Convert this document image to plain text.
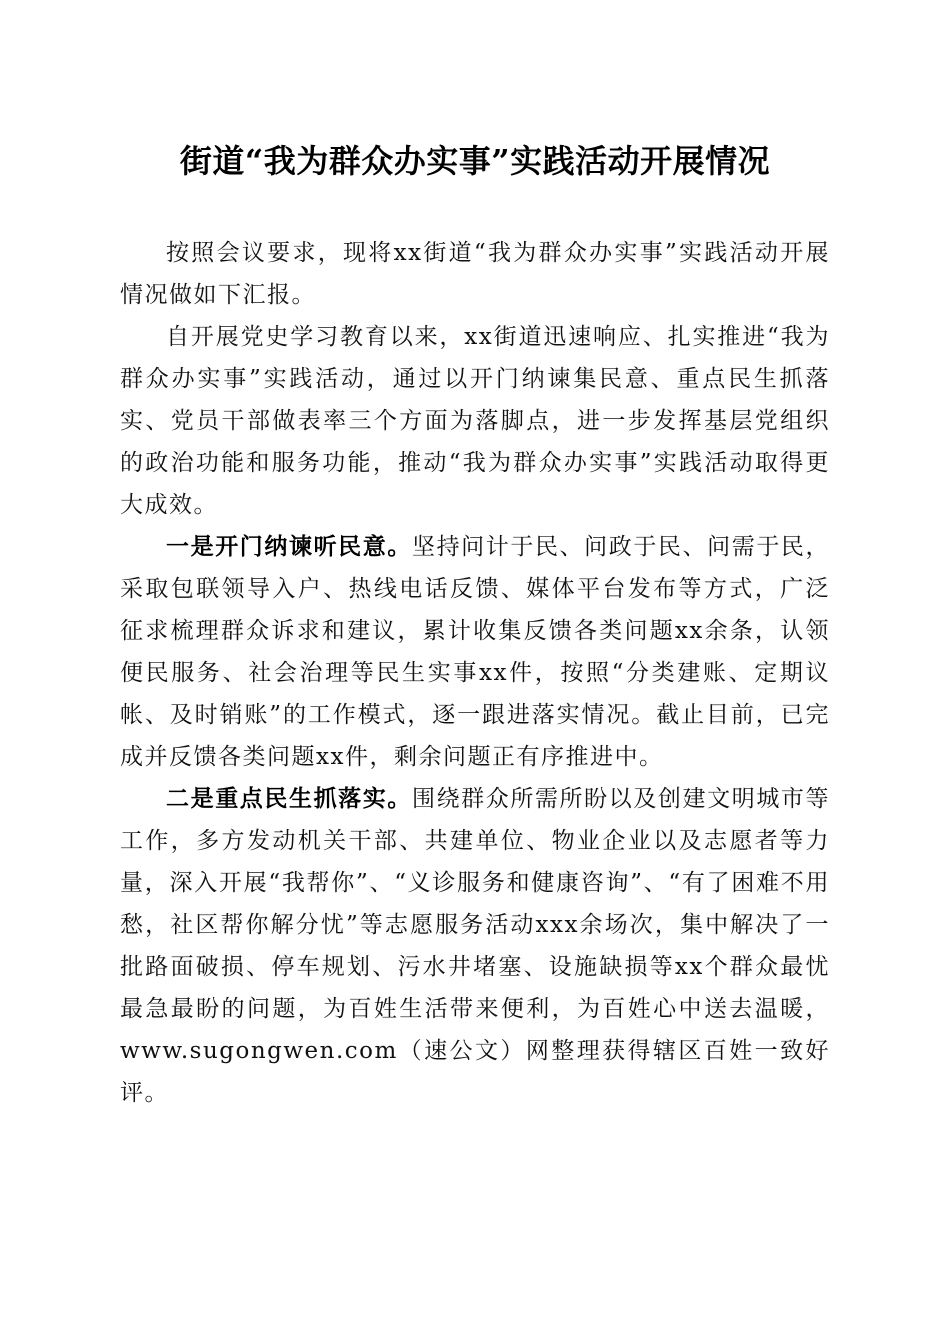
街道“我为群众办实事”实践活动开展情况

按照会议要求，现将xx街道“我为群众办实事”实践活动开展情况做如下汇报。

自开展党史学习教育以来，xx街道迅速响应、扎实推进“我为群众办实事”实践活动，通过以开门纳谏集民意、重点民生抓落实、党员干部做表率三个方面为落脚点，进一步发挥基层党组织的政治功能和服务功能，推动“我为群众办实事”实践活动取得更大成效。

一是开门纳谏听民意。坚持问计于民、问政于民、问需于民，采取包联领导入户、热线电话反馈、媒体平台发布等方式，广泛征求梳理群众诉求和建议，累计收集反馈各类问题xx余条，认领便民服务、社会治理等民生实事xx件，按照“分类建账、定期议帐、及时销账”的工作模式，逐一跟进落实情况。截止目前，已完成并反馈各类问题xx件，剩余问题正有序推进中。

二是重点民生抓落实。围绕群众所需所盼以及创建文明城市等工作，多方发动机关干部、共建单位、物业企业以及志愿者等力量，深入开展“我帮你”、“义诊服务和健康咨询”、“有了困难不用愁，社区帮你解分忧”等志愿服务活动xxx余场次，集中解决了一批路面破损、停车规划、污水井堵塞、设施缺损等xx个群众最忧最急最盼的问题，为百姓生活带来便利，为百姓心中送去温暖，www.sugongwen.com（速公文）网整理获得辖区百姓一致好评。
